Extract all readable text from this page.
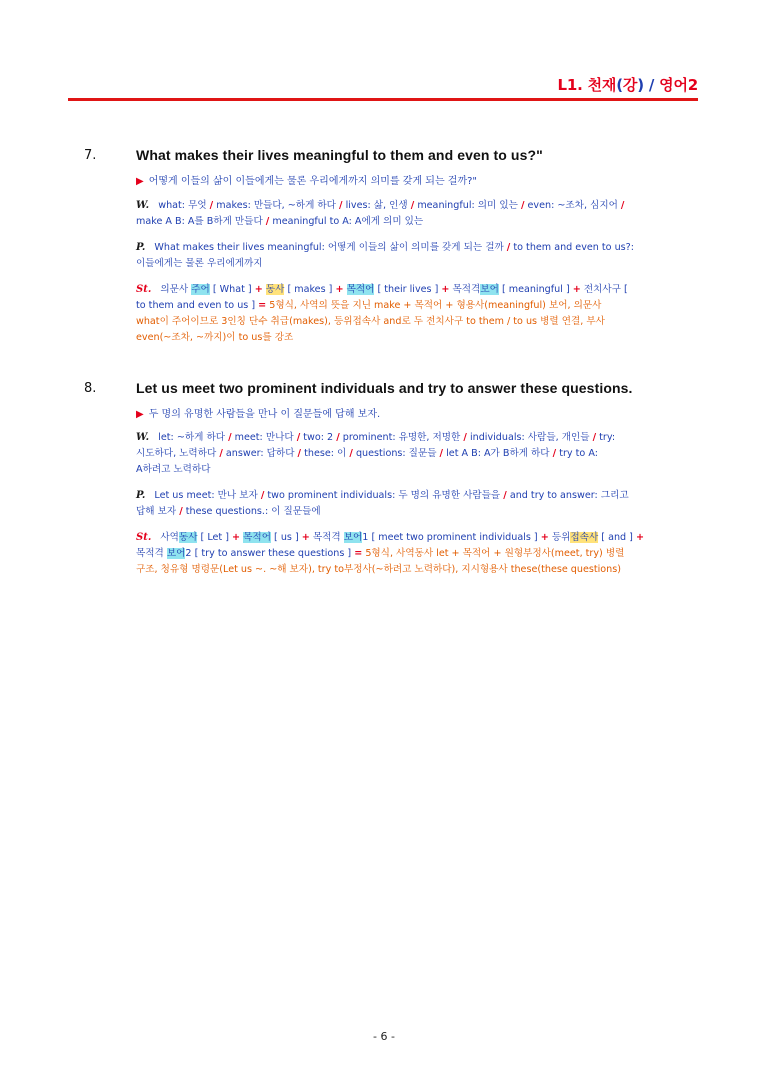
L1. 천재(강) / 영어2
7.	What makes their lives meaningful to them and even to us?"
▶ 어떻게 이들의 삶이 이들에게는 물론 우리에게까지 의미를 갖게 되는 걸까?"
W. what: 무엇 / makes: 만들다, ~하게 하다 / lives: 삶, 인생 / meaningful: 의미 있는 / even: ~조차, 심지어 /
make A B: A를 B하게 만들다 / meaningful to A: A에게 의미 있는
P. What makes their lives meaningful: 어떻게 이들의 삶이 의미를 갖게 되는 걸까 / to them and even to us?:
이들에게는 물론 우리에게까지
St. 의문사 주어 [ What ] + 동사 [ makes ] + 목적어 [ their lives ] + 목적격보어 [ meaningful ] + 전치사구 [
to them and even to us ] = 5형식, 사역의 뜻을 지닌 make + 목적어 + 형용사(meaningful) 보어, 의문사
what이 주어이므로 3인칭 단수 취급(makes), 등위접속사 and로 두 전치사구 to them / to us 병렬 연결, 부사
even(~조차, ~까지)이 to us를 강조
8.	Let us meet two prominent individuals and try to answer these questions.
▶ 두 명의 유명한 사람들을 만나 이 질문들에 답해 보자.
W. let: ~하게 하다 / meet: 만나다 / two: 2 / prominent: 유명한, 저명한 / individuals: 사람들, 개인들 / try:
시도하다, 노력하다 / answer: 답하다 / these: 이 / questions: 질문들 / let A B: A가 B하게 하다 / try to A:
A하려고 노력하다
P. Let us meet: 만나 보자 / two prominent individuals: 두 명의 유명한 사람들을 / and try to answer: 그리고
답해 보자 / these questions.: 이 질문들에
St. 사역동사 [ Let ] + 목적어 [ us ] + 목적격 보어1 [ meet two prominent individuals ] + 등위접속사 [ and ] +
목적격 보어2 [ try to answer these questions ] = 5형식, 사역동사 let + 목적어 + 원형부정사(meet, try) 병렬
구조, 청유형 명령문(Let us ~. ~해 보자), try to부정사(~하려고 노력하다), 지시형용사 these(these questions)
- 6 -
